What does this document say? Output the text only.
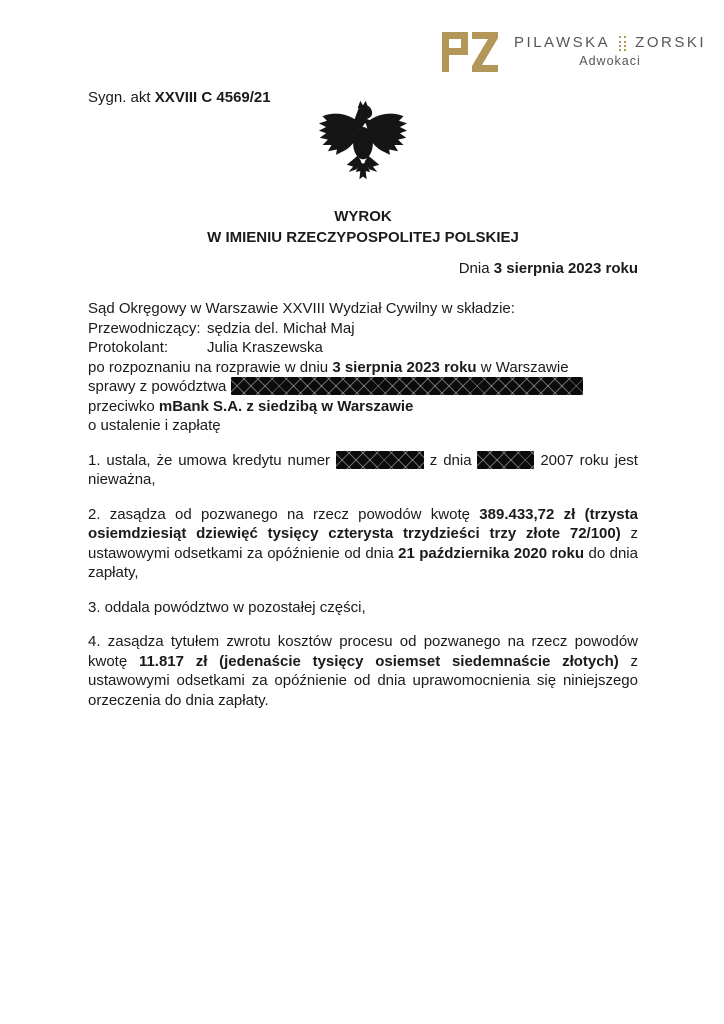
PILAWSKA ZORSKI
Adwokaci
Sygn. akt XXVIII C 4569/21
WYROK
W IMIENIU RZECZYPOSPOLITEJ POLSKIEJ
Dnia 3 sierpnia 2023 roku
Sąd Okręgowy w Warszawie XXVIII Wydział Cywilny w składzie:
Przewodniczący: sędzia del. Michał Maj
Protokolant:	Julia Kraszewska
po rozpoznaniu na rozprawie w dniu 3 sierpnia 2023 roku w Warszawie
sprawy z powództwa
przeciwko mBank S.A. z siedzibą w Warszawie
o ustalenie i zapłatę
1. ustala, że umowa kredytu numer	z dnia	2007 roku jest nieważna,
2. zasądza od pozwanego na rzecz powodów kwotę 389.433,72 zł (trzysta osiemdziesiąt dziewięć tysięcy czterysta trzydzieści trzy złote 72/100) z ustawowymi odsetkami za opóźnienie od dnia 21 października 2020 roku do dnia zapłaty,
3. oddala powództwo w pozostałej części,
4. zasądza tytułem zwrotu kosztów procesu od pozwanego na rzecz powodów kwotę 11.817 zł (jedenaście tysięcy osiemset siedemnaście złotych) z ustawowymi odsetkami za opóźnienie od dnia uprawomocnienia się niniejszego orzeczenia do dnia zapłaty.
